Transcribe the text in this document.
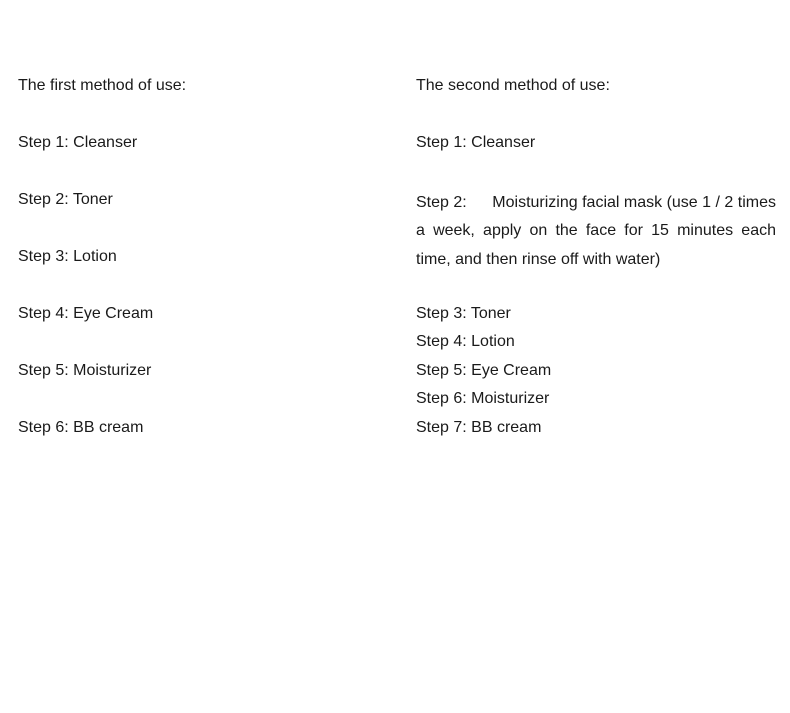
The first method of use:
Step 1: Cleanser
Step 2: Toner
Step 3: Lotion
Step 4: Eye Cream
Step 5: Moisturizer
Step 6: BB cream
The second method of use:
Step 1: Cleanser
Step 2: Moisturizing facial mask (use 1 / 2 times a week, apply on the face for 15 minutes each time, and then rinse off with water)
Step 3: Toner
Step 4: Lotion
Step 5: Eye Cream
Step 6: Moisturizer
Step 7: BB cream
